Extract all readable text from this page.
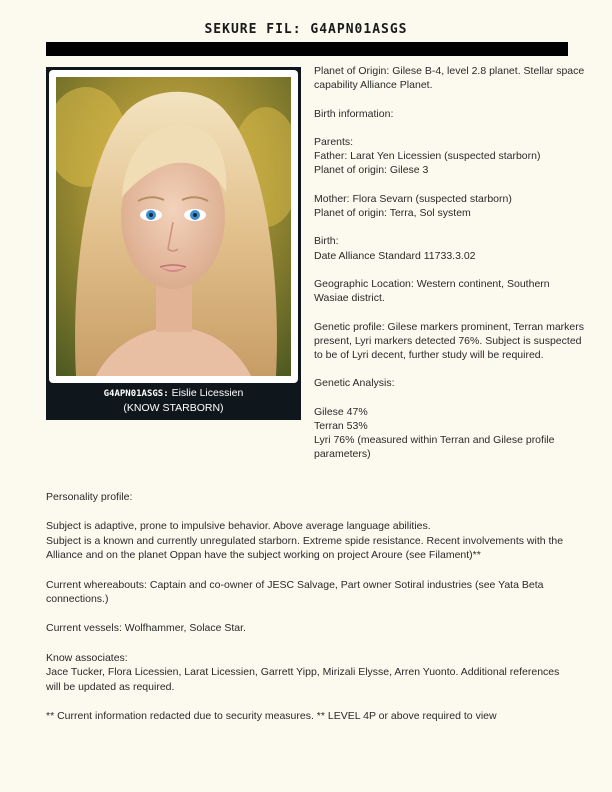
SEKURE FIL: G4APN01ASGS
G4APN01ASGS: Eislie Licessien
(KNOW STARBORN)

Planet of Origin: Gilese B-4, level 2.8 planet. Stellar space capability Alliance Planet.

Birth information:

Parents:

Father: Larat Yen Licessien (suspected starborn)

Planet of origin: Gilese 3

Mother: Flora Sevarn (suspected starborn)

Planet of origin: Terra, Sol system

Birth:

Date Alliance Standard 11733.3.02

Geographic Location: Western continent, Southern Wasiae district.

Genetic profile: Gilese markers prominent, Terran markers present, Lyri markers detected 76%. Subject is suspected to be of Lyri decent, further study will be required.

Genetic Analysis:

Gilese 47%

Terran 53%

Lyri 76% (measured within Terran and Gilese profile parameters)

Personality profile:

Subject is adaptive, prone to impulsive behavior. Above average language abilities.
Subject is a known and currently unregulated starborn. Extreme spide resistance. Recent involvements with the Alliance and on the planet Oppan have the subject working on project Aroure (see Filament)**

Current whereabouts: Captain and co-owner of JESC Salvage, Part owner Sotiral industries (see Yata Beta connections.)

Current vessels: Wolfhammer, Solace Star.

Know associates:
Jace Tucker, Flora Licessien, Larat Licessien, Garrett Yipp, Mirizali Elysse, Arren Yuonto. Additional references will be updated as required.

** Current information redacted due to security measures. ** LEVEL 4P or above required to view
